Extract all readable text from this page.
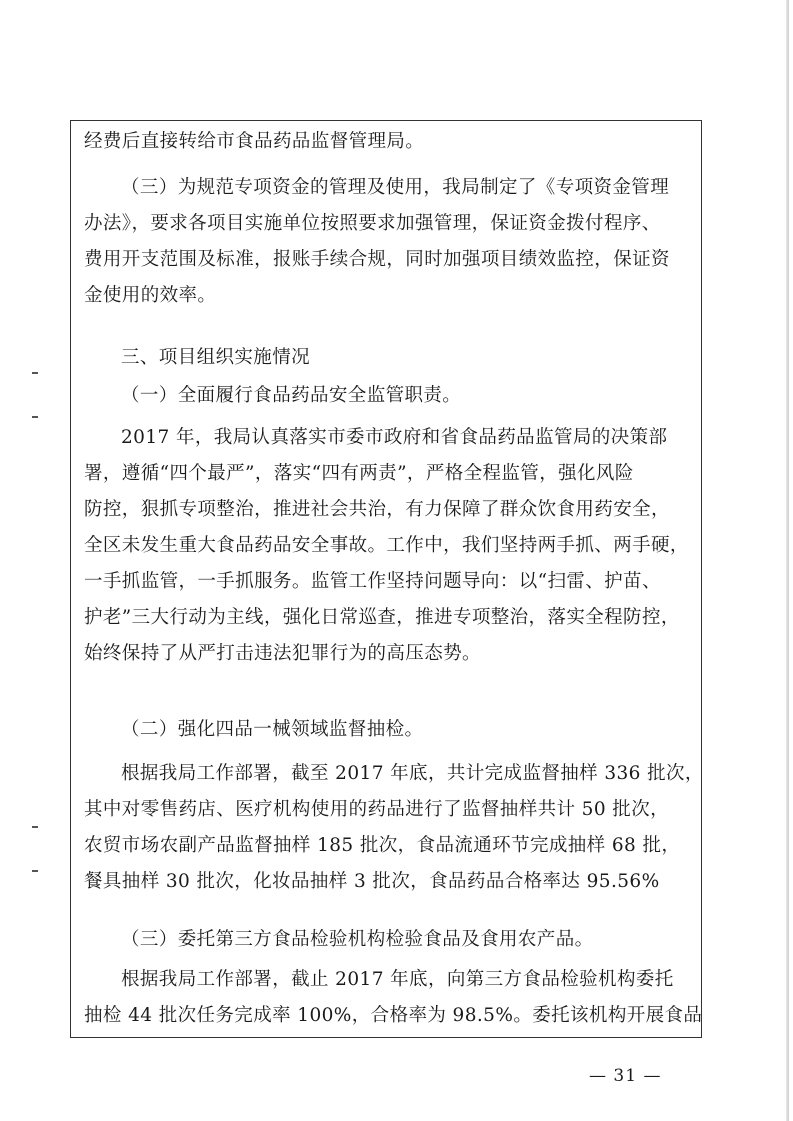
经费后直接转给市食品药品监督管理局。
（三）为规范专项资金的管理及使用，我局制定了《专项资金管理
办法》，要求各项目实施单位按照要求加强管理，保证资金拨付程序、
费用开支范围及标准，报账手续合规，同时加强项目绩效监控，保证资
金使用的效率。
三、项目组织实施情况
（一）全面履行食品药品安全监管职责。
2017 年，我局认真落实市委市政府和省食品药品监管局的决策部
署，遵循“四个最严”，落实“四有两责”，严格全程监管，强化风险
防控，狠抓专项整治，推进社会共治，有力保障了群众饮食用药安全，
全区未发生重大食品药品安全事故。工作中，我们坚持两手抓、两手硬，
一手抓监管，一手抓服务。监管工作坚持问题导向：以“扫雷、护苗、
护老”三大行动为主线，强化日常巡查，推进专项整治，落实全程防控，
始终保持了从严打击违法犯罪行为的高压态势。
（二）强化四品一械领域监督抽检。
根据我局工作部署，截至 2017 年底，共计完成监督抽样 336 批次，
其中对零售药店、医疗机构使用的药品进行了监督抽样共计 50 批次，
农贸市场农副产品监督抽样 185 批次，食品流通环节完成抽样 68 批，
餐具抽样 30 批次，化妆品抽样 3 批次，食品药品合格率达 95.56%
（三）委托第三方食品检验机构检验食品及食用农产品。
根据我局工作部署，截止 2017 年底，向第三方食品检验机构委托
抽检 44 批次任务完成率 100%，合格率为 98.5%。委托该机构开展食品
— 31 —
